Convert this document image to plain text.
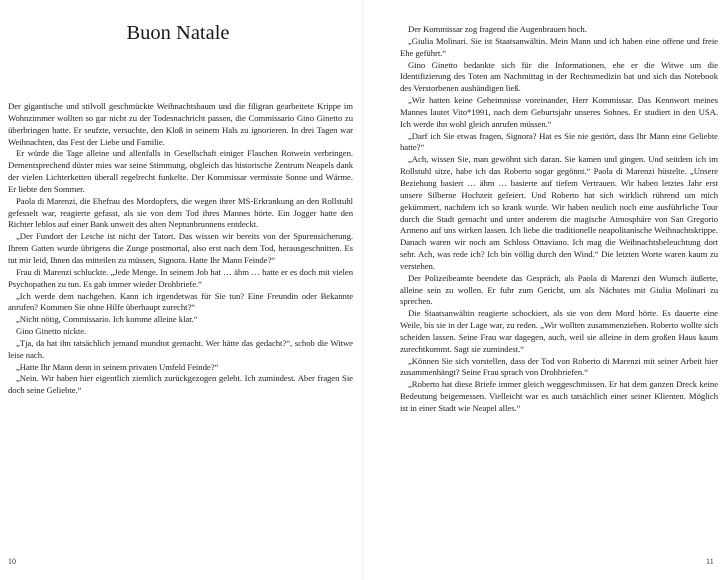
Buon Natale

Der gigantische und stilvoll geschmückte Weihnachtsbaum und die filigran gearbeitete Krippe im Wohnzimmer wollten so gar nicht zu der Todesnachricht passen, die Commissario Gino Ginetto zu überbringen hatte. Er seufzte, versuchte, den Kloß in seinem Hals zu ignorieren. In drei Tagen war Weihnachten, das Fest der Liebe und Familie.

Er würde die Tage alleine und allenfalls in Gesellschaft einiger Flaschen Rotwein verbringen. Dementsprechend düster mies war seine Stimmung, obgleich das historische Zentrum Neapels dank der vielen Lichterketten überall regelrecht funkelte. Der Kommissar vermisste Sonne und Wärme. Er liebte den Sommer.

Paola di Marenzi, die Ehefrau des Mordopfers, die wegen ihrer MS-Erkrankung an den Rollstuhl gefesselt war, reagierte gefasst, als sie von dem Tod ihres Mannes hörte. Ein Jogger hatte den Richter leblos auf einer Bank unweit des alten Neptunbrunnens entdeckt.

„Der Fundort der Leiche ist nicht der Tatort. Das wissen wir bereits von der Spurensicherung. Ihrem Gatten wurde übrigens die Zunge postmortal, also erst nach dem Tod, herausgeschnitten. Es tut mir leid, Ihnen das mitteilen zu müssen, Signora. Hatte Ihr Mann Feinde?“

Frau di Marenzi schluckte. „Jede Menge. In seinem Job hat … ähm … hatte er es doch mit vielen Psychopathen zu tun. Es gab immer wieder Drohbriefe.“

„Ich werde dem nachgehen. Kann ich irgendetwas für Sie tun? Eine Freundin oder Bekannte anrufen? Kommen Sie ohne Hilfe überhaupt zurecht?“

„Nicht nötig, Commissario. Ich komme alleine klar.“

Gino Ginetto nickte.

„Tja, da hat ihn tatsächlich jemand mundtot gemacht. Wer hätte das gedacht?“, schob die Witwe leise nach.

„Hatte Ihr Mann denn in seinem privaten Umfeld Feinde?“

„Nein. Wir haben hier eigentlich ziemlich zurückgezogen gelebt. Ich zumindest. Aber fragen Sie doch seine Geliebte.“

10

Der Kommissar zog fragend die Augenbrauen hoch.

„Giulia Molinari. Sie ist Staatsanwältin. Mein Mann und ich haben eine offene und freie Ehe geführt.“

Gino Ginetto bedankte sich für die Informationen, ehe er die Witwe um die Identifizierung des Toten am Nachmittag in der Rechtsmedizin bat und sich das Notebook des Verstorbenen aushändigen ließ.

„Wir hatten keine Geheimnisse voreinander, Herr Kommissar. Das Kennwort meines Mannes lautet Vito*1991, nach dem Geburtsjahr unseres Sohnes. Er studiert in den USA. Ich werde ihn wohl gleich anrufen müssen.“

„Darf ich Sie etwas fragen, Signora? Hat es Sie nie gestört, dass Ihr Mann eine Geliebte hatte?“

„Ach, wissen Sie, man gewöhnt sich daran. Sie kamen und gingen. Und seitdem ich im Rollstuhl sitze, habe ich das Roberto sogar gegönnt.“ Paola di Marenzi hüstelte. „Unsere Beziehung basiert … ähm … basierte auf tiefem Vertrauen. Wir haben letztes Jahr erst unsere Silberne Hochzeit gefeiert. Und Roberto hat sich wirklich rührend um mich gekümmert, nachdem ich so krank wurde. Wir haben neulich noch eine ausführliche Tour durch die Stadt gemacht und unter anderem die magische Atmosphäre von San Gregorio Armeno auf uns wirken lassen. Ich liebe die traditionelle neapolitanische Weihnachtskrippe. Danach waren wir noch am Schloss Ottaviano. Ich mag die Weihnachtsbeleuchtung dort sehr. Ach, was rede ich? Ich bin völlig durch den Wind.“ Die letzten Worte waren kaum zu verstehen.

Der Polizeibeamte beendete das Gespräch, als Paola di Marenzi den Wunsch äußerte, alleine sein zu wollen. Er fuhr zum Gericht, um als Nächstes mit Giulia Molinari zu sprechen.

Die Staatsanwältin reagierte schockiert, als sie von dem Mord hörte. Es dauerte eine Weile, bis sie in der Lage war, zu reden. „Wir wollten zusammenziehen. Roberto wollte sich scheiden lassen. Seine Frau war dagegen, auch, weil sie alleine in dem großen Haus kaum zurechtkommt. Sagt sie zumindest.“

„Können Sie sich vorstellen, dass der Tod von Roberto di Marenzi mit seiner Arbeit hier zusammenhängt? Seine Frau sprach von Drohbriefen.“

„Roberto hat diese Briefe immer gleich weggeschmissen. Er hat dem ganzen Dreck keine Bedeutung beigemessen. Vielleicht war es auch tatsächlich einer seiner Klienten. Möglich ist in einer Stadt wie Neapel alles.“

11
